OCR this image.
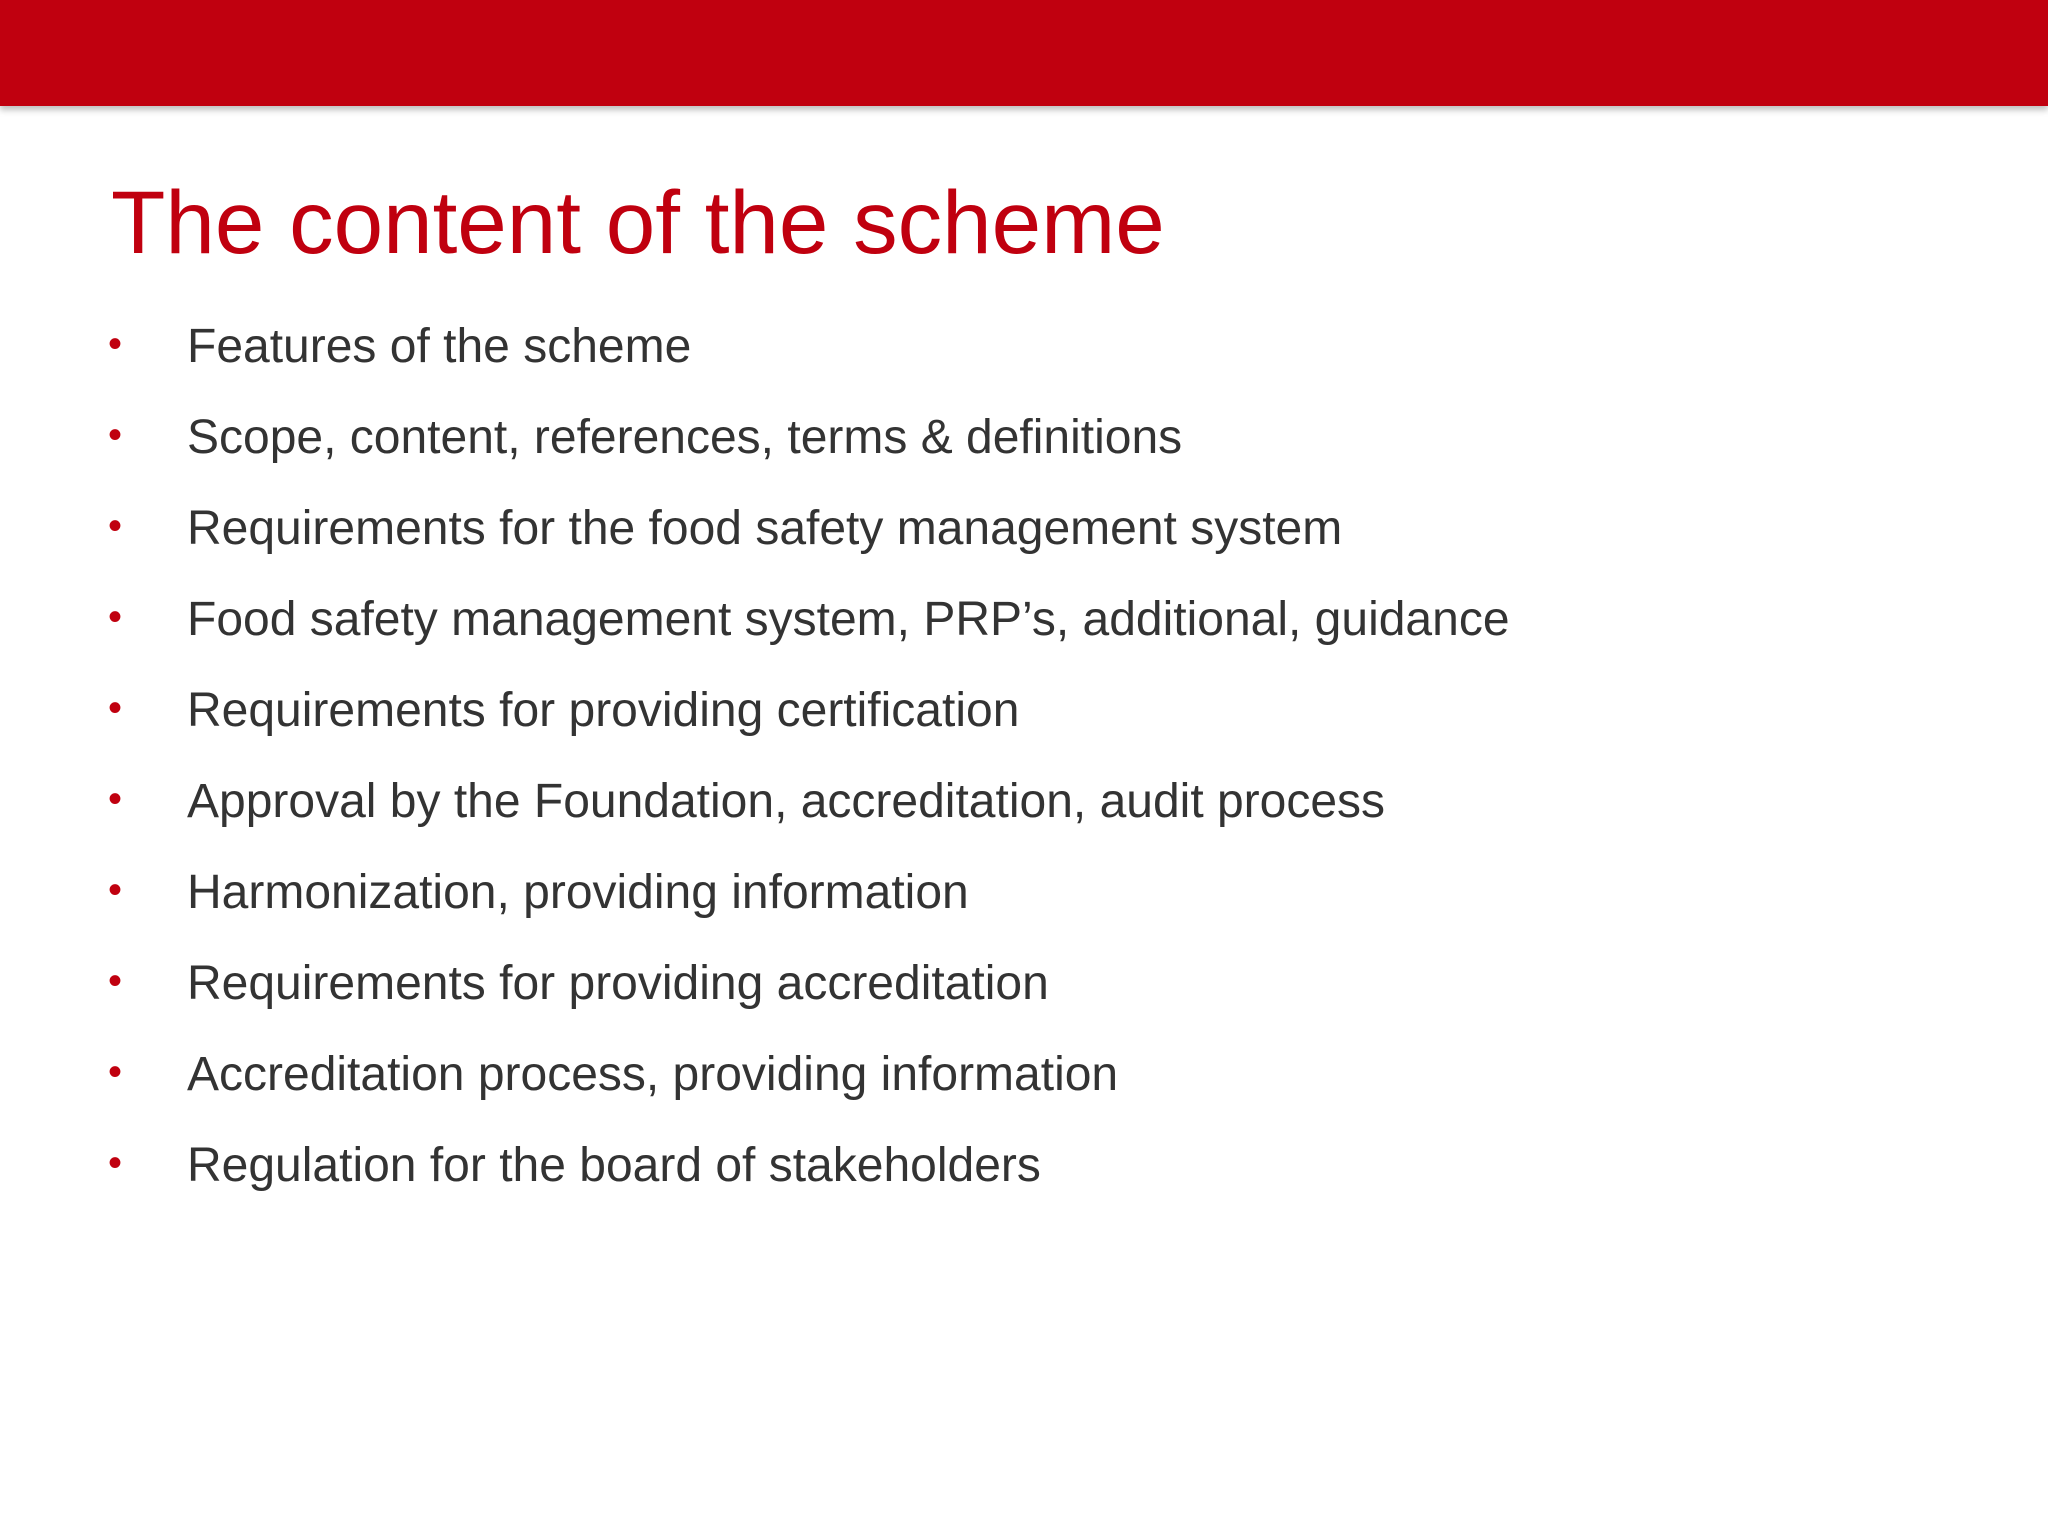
The content of the scheme
• Features of the scheme
• Scope, content, references, terms & definitions
• Requirements for the food safety management system
• Food safety management system, PRP’s, additional, guidance
• Requirements for providing certification
• Approval by the Foundation, accreditation, audit process
• Harmonization, providing information
• Requirements for providing accreditation
• Accreditation process, providing information
• Regulation for the board of stakeholders
